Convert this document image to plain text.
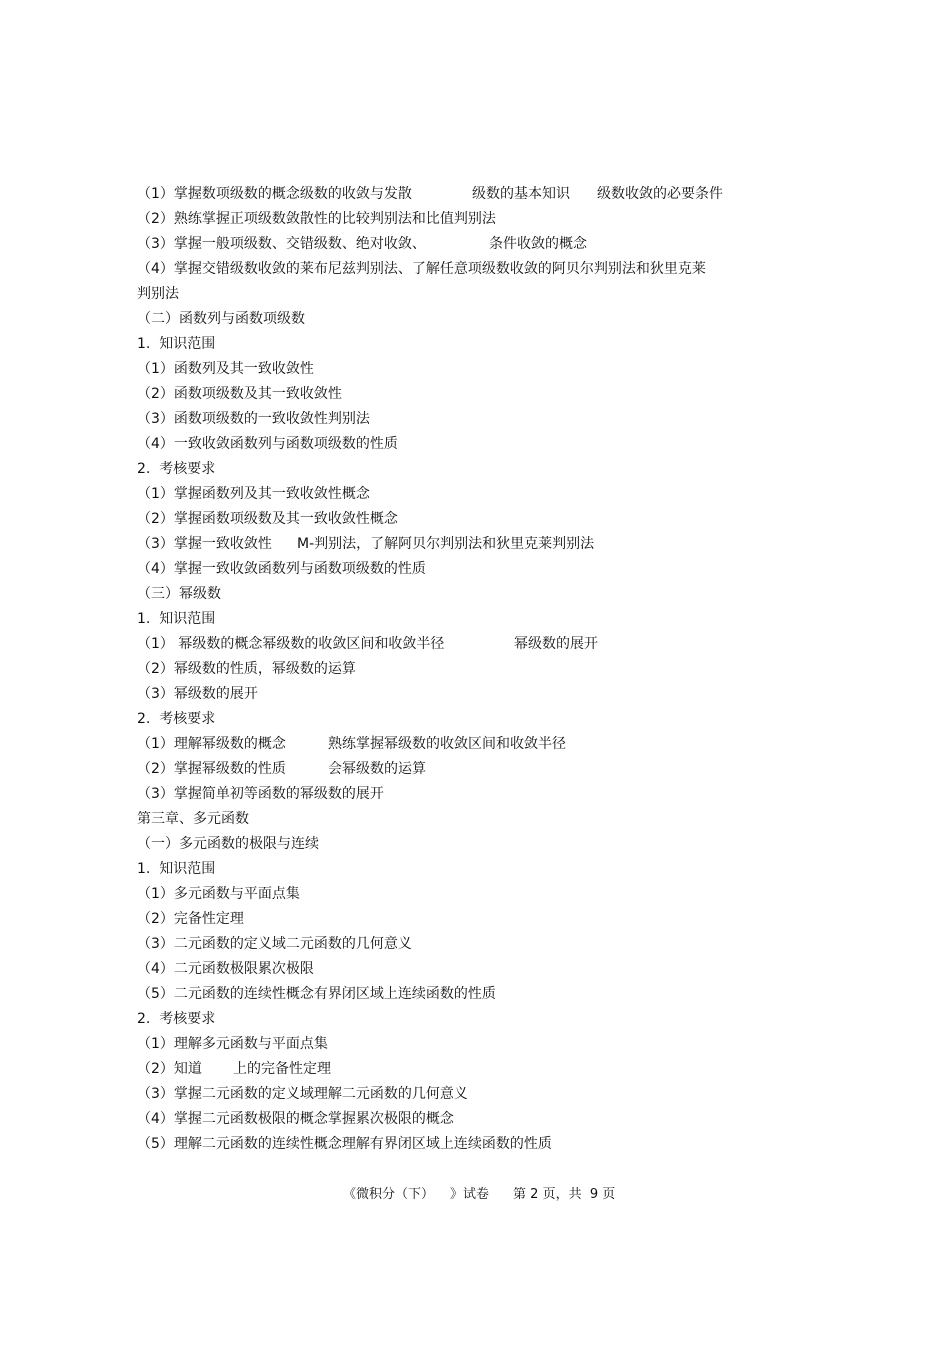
（1）掌握数项级数的概念级数的收敛与发散

	级数的基本知识

级数收敛的必要条件

（2）熟练掌握正项级数敛散性的比较判别法和比值判别法

（3）掌握一般项级数、交错级数、绝对收敛、

	条件收敛的概念

（4）掌握交错级数收敛的莱布尼兹判别法、了解任意项级数收敛的阿贝尔判别法和狄里克莱

判别法

（二）函数列与函数项级数

1.  知识范围

（1）函数列及其一致收敛性

（2）函数项级数及其一致收敛性

（3）函数项级数的一致收敛性判别法

（4）一致收敛函数列与函数项级数的性质

2.  考核要求

（1）掌握函数列及其一致收敛性概念

（2）掌握函数项级数及其一致收敛性概念

（3）掌握一致收敛性

M-判别法，了解阿贝尔判别法和狄里克莱判别法

（4）掌握一致收敛函数列与函数项级数的性质

（三）幂级数

1.  知识范围

（1） 幂级数的概念幂级数的收敛区间和收敛半径

	幂级数的展开

（2）幂级数的性质，幂级数的运算

（3）幂级数的展开

2.  考核要求

（1）理解幂级数的概念

	熟练掌握幂级数的收敛区间和收敛半径

（2）掌握幂级数的性质

	会幂级数的运算

（3）掌握简单初等函数的幂级数的展开

第三章、多元函数

（一）多元函数的极限与连续

1.  知识范围

（1）多元函数与平面点集

（2）完备性定理

（3）二元函数的定义域二元函数的几何意义

（4）二元函数极限累次极限

（5）二元函数的连续性概念有界闭区域上连续函数的性质

2.  考核要求

（1）理解多元函数与平面点集

（2）知道

上的完备性定理

（3）掌握二元函数的定义域理解二元函数的几何意义

（4）掌握二元函数极限的概念掌握累次极限的概念

（5）理解二元函数的连续性概念理解有界闭区域上连续函数的性质

《微积分（下） 》试卷 第 2 页，共  9 页
